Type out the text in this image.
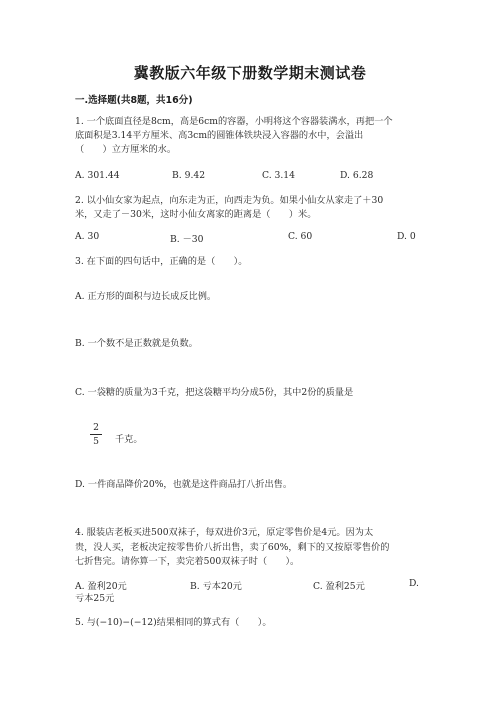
冀教版六年级下册数学期末测试卷
一.选择题(共8题，共16分)
1. 一个底面直径是8cm，高是6cm的容器，小明将这个容器装满水，再把一个
底面积是3.14平方厘米、高3cm的圆锥体铁块浸入容器的水中，会溢出
（　　）立方厘米的水。
A. 301.44	B. 9.42	C. 3.14	D. 6.28
2. 以小仙女家为起点，向东走为正，向西走为负。如果小仙女从家走了＋30
米，又走了－30米，这时小仙女离家的距离是（　　）米。
A. 30	B. －30	C. 60	D. 0
3. 在下面的四句话中，正确的是（　　）。
A. 正方形的面积与边长成反比例。
B. 一个数不是正数就是负数。
C. 一袋糖的质量为3千克，把这袋糖平均分成5份，其中2份的质量是
2
5	千克。
D. 一件商品降价20%，也就是这件商品打八折出售。
4. 服装店老板买进500双袜子，每双进价3元，原定零售价是4元。因为太
贵，没人买，老板决定按零售价八折出售，卖了60%，剩下的又按原零售价的
七折售完。请你算一下，卖完着500双袜子时（　　）。
A. 盈利20元	B. 亏本20元	C. 盈利25元	D.
亏本25元
5. 与(−10)−(−12)结果相同的算式有（　　）。
